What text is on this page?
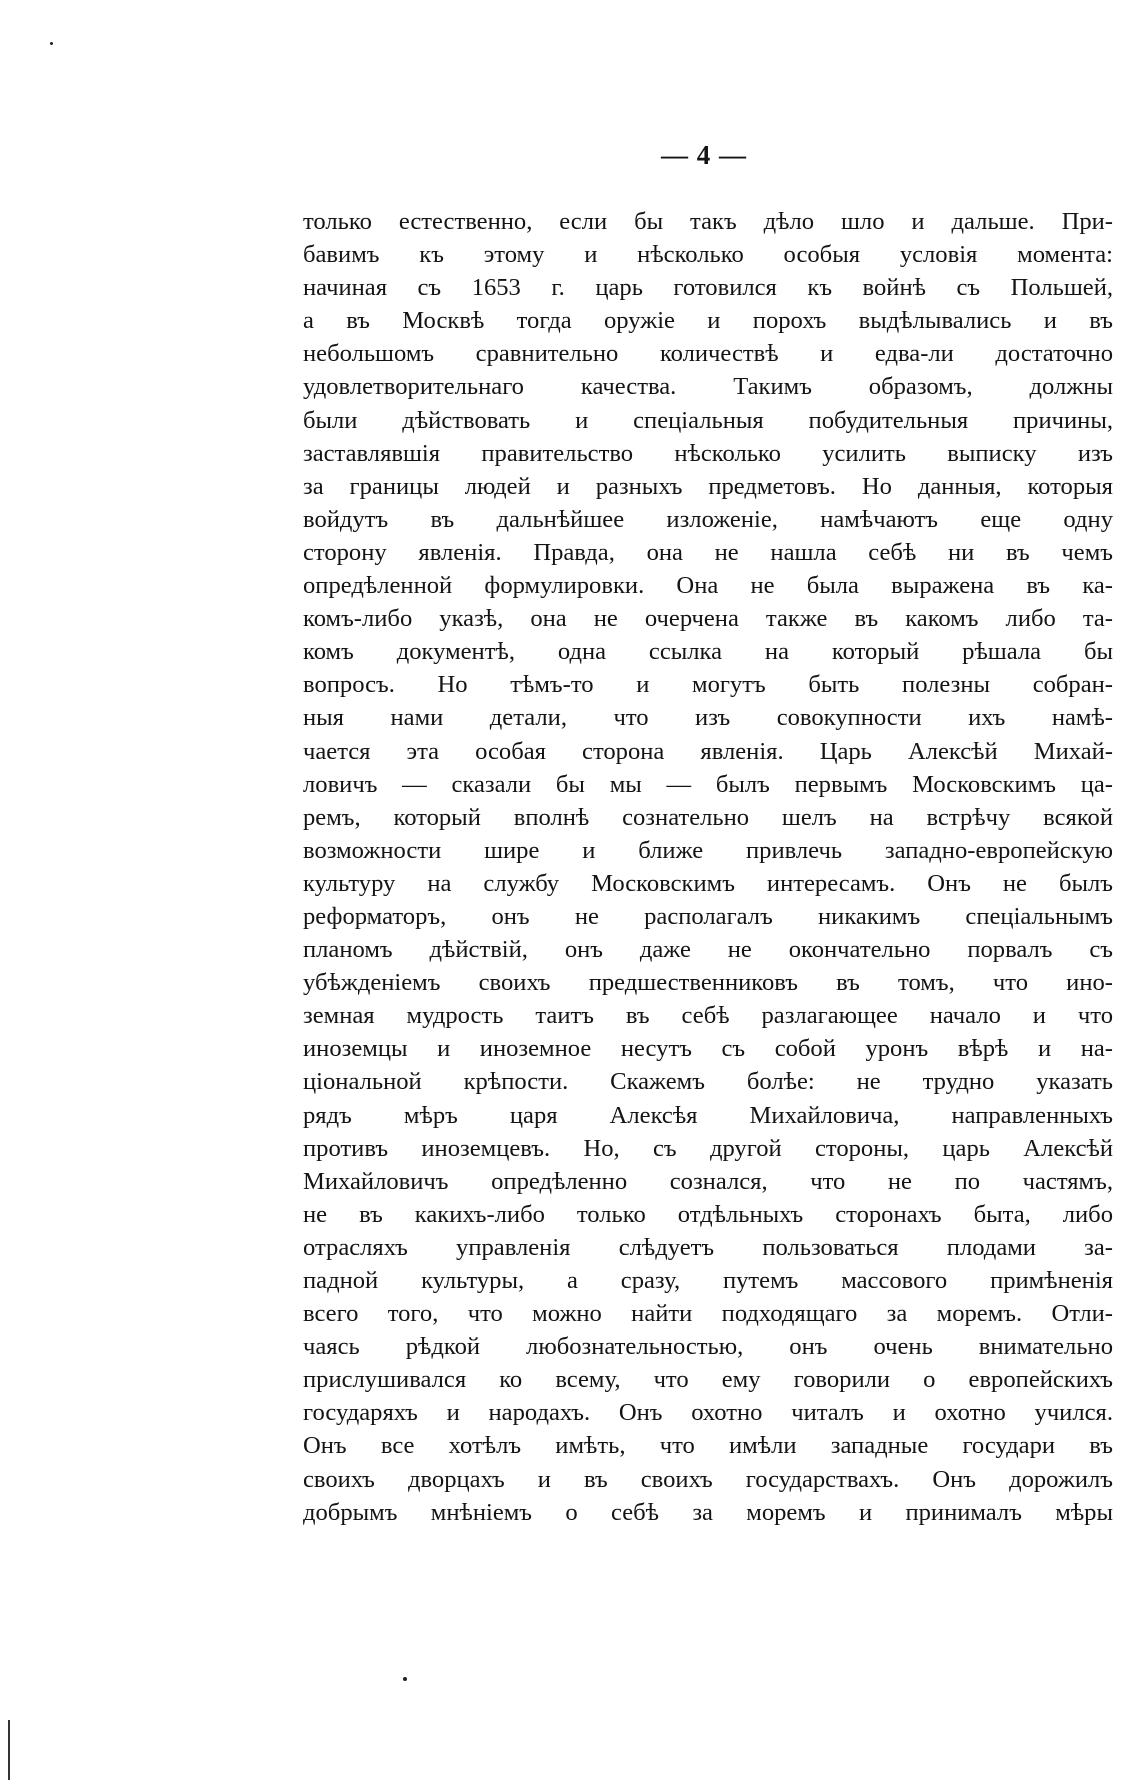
— 4 —
только естественно, если бы такъ дѣло шло и дальше. При-
бавимъ къ этому и нѣсколько особыя условія момента:
начиная съ 1653 г. царь готовился къ войнѣ съ Польшей,
а въ Москвѣ тогда оружіе и порохъ выдѣлывались и въ
небольшомъ сравнительно количествѣ и едва-ли достаточно
удовлетворительнаго качества. Такимъ образомъ, должны
были дѣйствовать и спеціальныя побудительныя причины,
заставлявшія правительство нѣсколько усилить выписку изъ
за границы людей и разныхъ предметовъ. Но данныя, которыя
войдутъ въ дальнѣйшее изложеніе, намѣчаютъ еще одну
сторону явленія. Правда, она не нашла себѣ ни въ чемъ
опредѣленной формулировки. Она не была выражена въ ка-
комъ-либо указѣ, она не очерчена также въ какомъ либо та-
комъ документѣ, одна ссылка на который рѣшала бы
вопросъ. Но тѣмъ-то и могутъ быть полезны собран-
ныя нами детали, что изъ совокупности ихъ намѣ-
чается эта особая сторона явленія. Царь Алексѣй Михай-
ловичъ — сказали бы мы — былъ первымъ Московскимъ ца-
ремъ, который вполнѣ сознательно шелъ на встрѣчу всякой
возможности шире и ближе привлечь западно-европейскую
культуру на службу Московскимъ интересамъ. Онъ не былъ
реформаторъ, онъ не располагалъ никакимъ спеціальнымъ
планомъ дѣйствій, онъ даже не окончательно порвалъ съ
убѣжденіемъ своихъ предшественниковъ въ томъ, что ино-
земная мудрость таитъ въ себѣ разлагающее начало и что
иноземцы и иноземное несутъ съ собой уронъ вѣрѣ и на-
ціональной крѣпости. Скажемъ болѣе: не трудно указать
рядъ мѣръ царя Алексѣя Михайловича, направленныхъ
противъ иноземцевъ. Но, съ другой стороны, царь Алексѣй
Михайловичъ опредѣленно сознался, что не по частямъ,
не въ какихъ-либо только отдѣльныхъ сторонахъ быта, либо
отрасляхъ управленія слѣдуетъ пользоваться плодами за-
падной культуры, а сразу, путемъ массового примѣненія
всего того, что можно найти подходящаго за моремъ. Отли-
чаясь рѣдкой любознательностью, онъ очень внимательно
прислушивался ко всему, что ему говорили о европейскихъ
государяхъ и народахъ. Онъ охотно читалъ и охотно учился.
Онъ все хотѣлъ имѣть, что имѣли западные государи въ
своихъ дворцахъ и въ своихъ государствахъ. Онъ дорожилъ
добрымъ мнѣніемъ о себѣ за моремъ и принималъ мѣры
